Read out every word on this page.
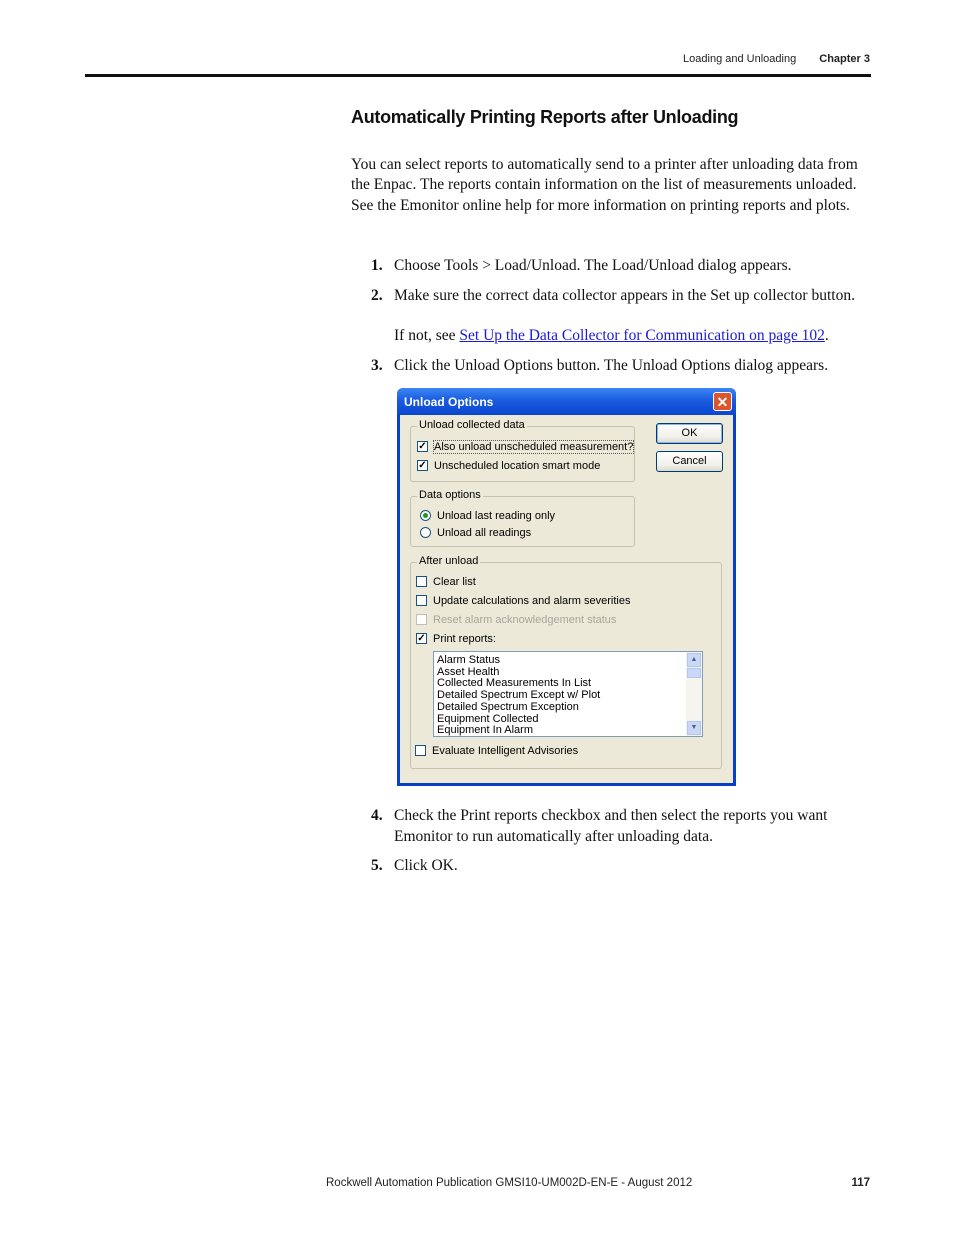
Loading and Unloading Chapter 3
Automatically Printing Reports after Unloading
You can select reports to automatically send to a printer after unloading data from the Enpac. The reports contain information on the list of measurements unloaded. See the Emonitor online help for more information on printing reports and plots.
1. Choose Tools > Load/Unload. The Load/Unload dialog appears.
2. Make sure the correct data collector appears in the Set up collector button.
If not, see Set Up the Data Collector for Communication on page 102.
3. Click the Unload Options button. The Unload Options dialog appears.
Unload Options	✕
Unload collected data
✓ Also unload unscheduled measurement?
✓ Unscheduled location smart mode
OK
Cancel
Data options
Unload last reading only
Unload all readings
After unload
Clear list
Update calculations and alarm severities
Reset alarm acknowledgement status
✓ Print reports:
Alarm Status
Asset Health
Collected Measurements In List
Detailed Spectrum Except w/ Plot
Detailed Spectrum Exception
Equipment Collected
Equipment In Alarm
▲
▼
Evaluate Intelligent Advisories
4. Check the Print reports checkbox and then select the reports you want Emonitor to run automatically after unloading data.
5. Click OK.
Rockwell Automation Publication GMSI10-UM002D-EN-E - August 2012	117
